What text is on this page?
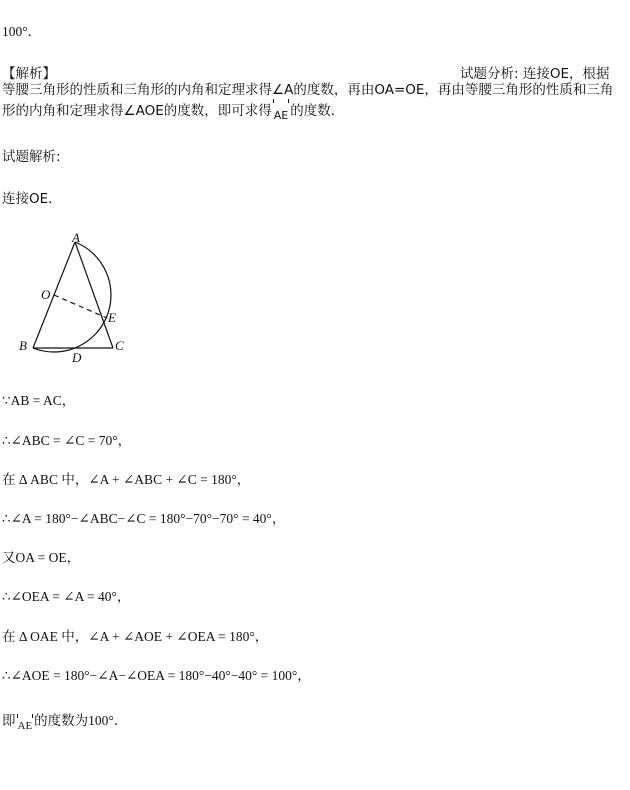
100°．
【解析】	试题分析: 连接OE，根据
等腰三角形的性质和三角形的内角和定理求得∠A的度数，再由OA=OE，再由等腰三角形的性质和三角形的内角和定理求得∠AOE的度数，即可求得 AE 的度数．
试题解析:
连接OE．
A
O
E
B
D
C
∵AB = AC，
∴∠ABC = ∠C = 70°，
在 Δ ABC 中，∠A + ∠ABC + ∠C = 180°，
∴∠A = 180°−∠ABC−∠C = 180°−70°−70° = 40°，
又OA = OE，
∴∠OEA = ∠A = 40°，
在 Δ OAE 中，∠A + ∠AOE + ∠OEA = 180°，
∴∠AOE = 180°−∠A−∠OEA = 180°−40°−40° = 100°，
即 AE 的度数为100°．
